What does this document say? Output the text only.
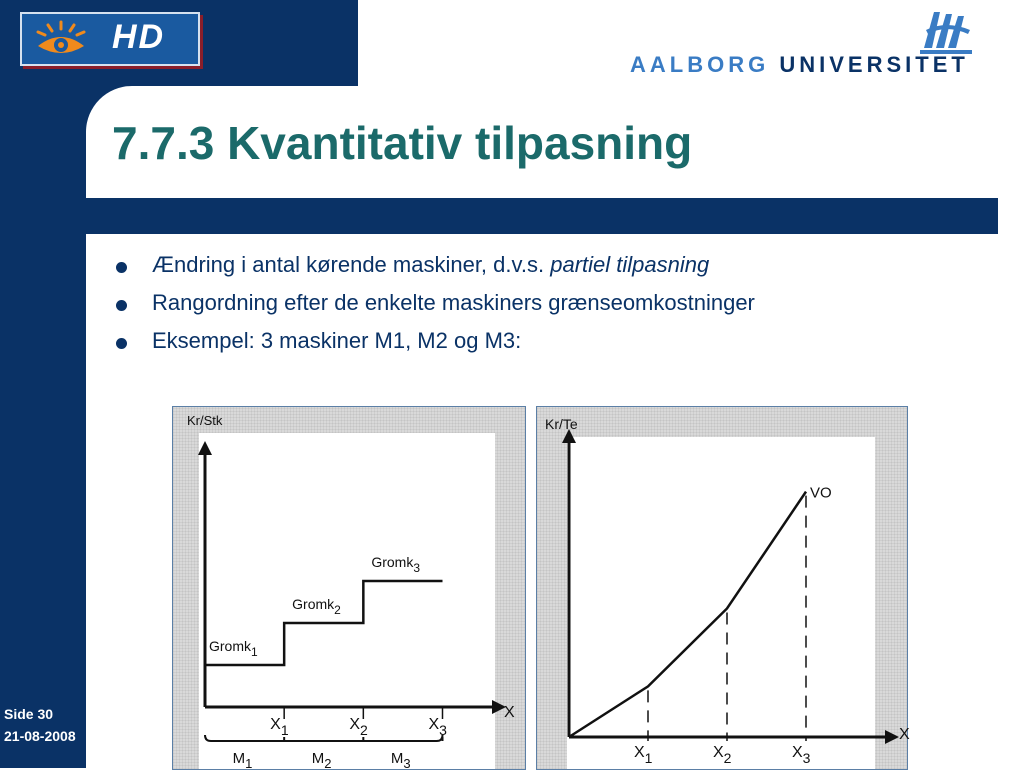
HD
AALBORG UNIVERSITET
7.7.3 Kvantitativ tilpasning
Ændring i antal kørende maskiner, d.v.s. partiel tilpasning
Rangordning efter de enkelte maskiners grænseomkostninger
Eksempel: 3 maskiner M1, M2 og M3:
Side 30
21-08-2008
Kr/Stk
X
Gromk1
Gromk2
Gromk3
X1	X2	X3
M1	M2	M3
Kr/Te
X
VO
X1	X2	X3
